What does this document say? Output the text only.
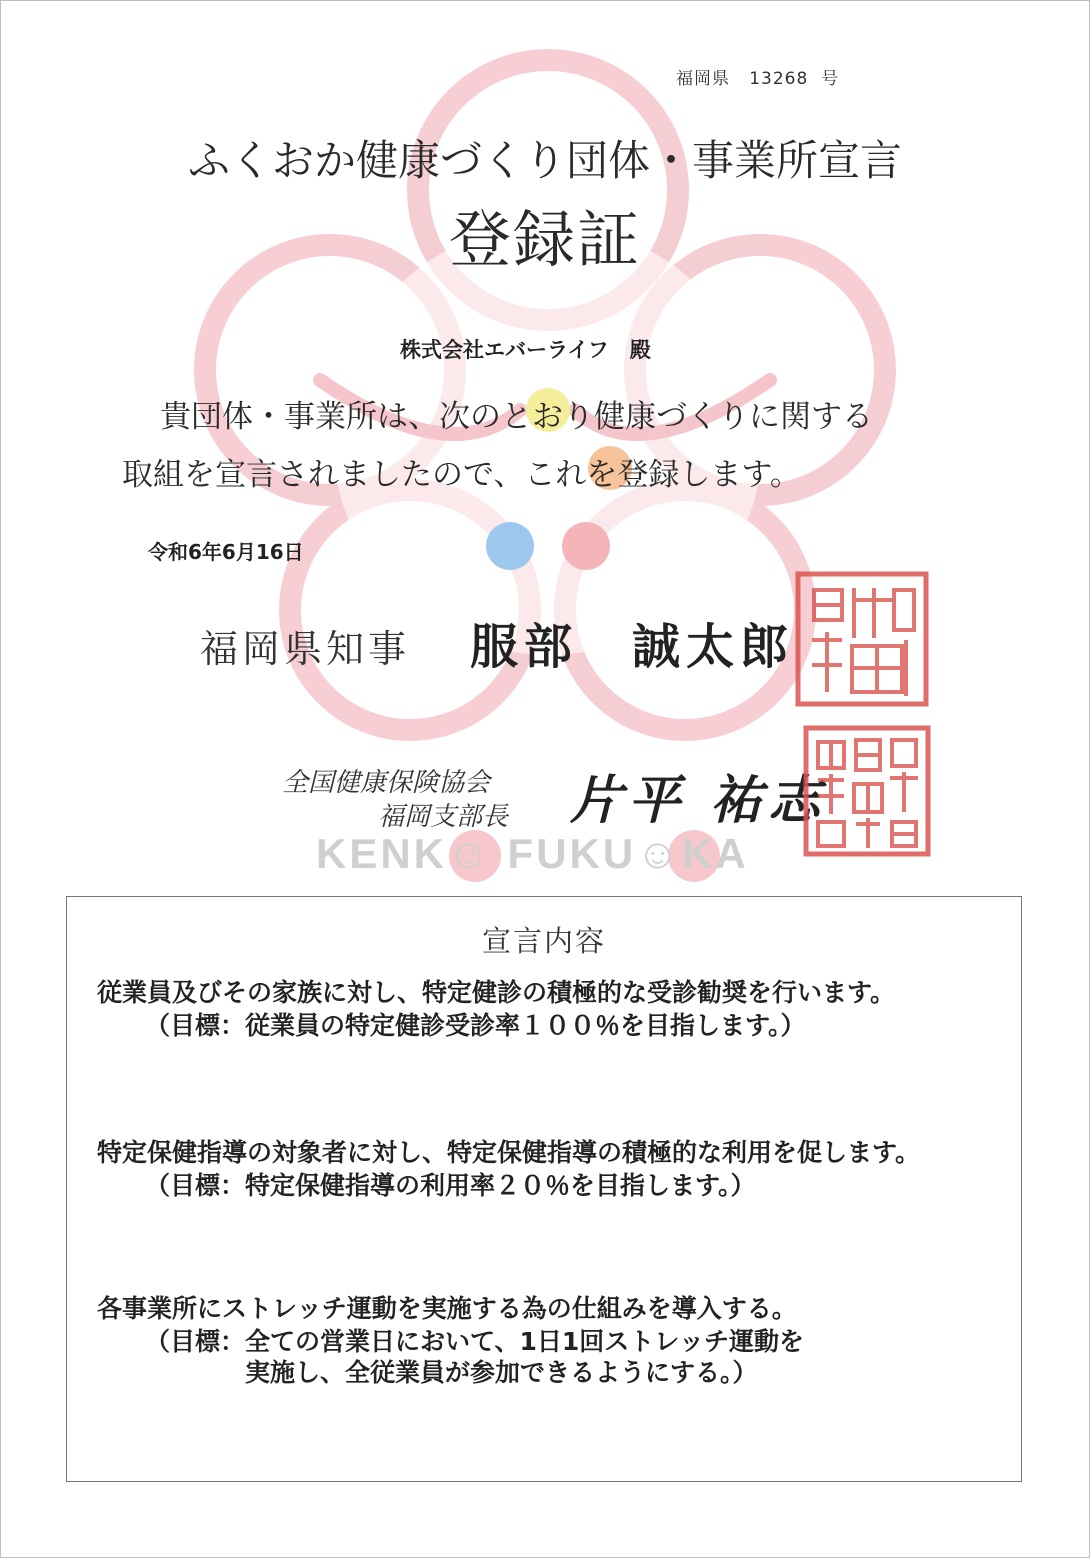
福岡県 13268 号
ふくおか健康づくり団体・事業所宣言
登録証
株式会社エバーライフ　殿
貴団体・事業所は、次のとおり健康づくりに関する
取組を宣言されましたので、これを登録します。
令和6年6月16日
福岡県知事 服部　誠太郎
全国健康保険協会
福岡支部長	片平 祐志
KENK☺ FUKU☺KA
宣言内容
従業員及びその家族に対し、特定健診の積極的な受診勧奨を行います。
（目標：従業員の特定健診受診率１００％を目指します。）
特定保健指導の対象者に対し、特定保健指導の積極的な利用を促します。
（目標：特定保健指導の利用率２０％を目指します。）
各事業所にストレッチ運動を実施する為の仕組みを導入する。
（目標：全ての営業日において、1日1回ストレッチ運動を
実施し、全従業員が参加できるようにする。）
